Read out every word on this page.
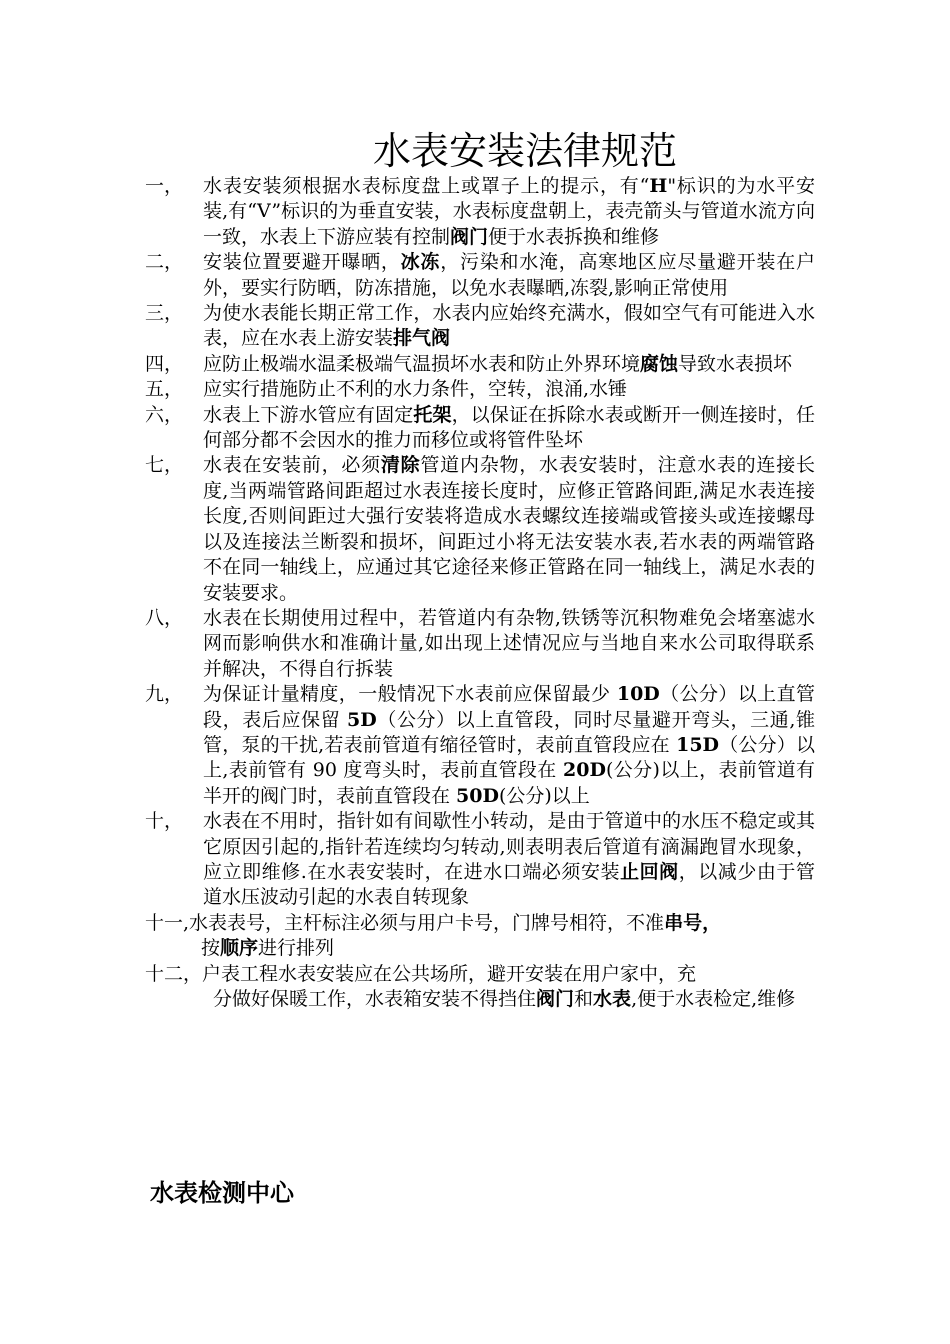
水表安装法律规范
一，	水表安装须根据水表标度盘上或罩子上的提示，有“H"标识的为水平安装,有“V”标识的为垂直安装，水表标度盘朝上，表壳箭头与管道水流方向一致，水表上下游应装有控制阀门便于水表拆换和维修
二，	安装位置要避开曝晒，冰冻，污染和水淹，高寒地区应尽量避开装在户外，要实行防晒，防冻措施，以免水表曝晒,冻裂,影响正常使用
三，	为使水表能长期正常工作，水表内应始终充满水，假如空气有可能进入水表，应在水表上游安装排气阀
四，	应防止极端水温柔极端气温损坏水表和防止外界环境腐蚀导致水表损坏
五，	应实行措施防止不利的水力条件，空转，浪涌,水锤
六，	水表上下游水管应有固定托架，以保证在拆除水表或断开一侧连接时，任何部分都不会因水的推力而移位或将管件坠坏
七，	水表在安装前，必须清除管道内杂物，水表安装时，注意水表的连接长度,当两端管路间距超过水表连接长度时，应修正管路间距,满足水表连接长度,否则间距过大强行安装将造成水表螺纹连接端或管接头或连接螺母以及连接法兰断裂和损坏，间距过小将无法安装水表,若水表的两端管路不在同一轴线上，应通过其它途径来修正管路在同一轴线上，满足水表的安装要求。
八，	水表在长期使用过程中，若管道内有杂物,铁锈等沉积物难免会堵塞滤水网而影响供水和准确计量,如出现上述情况应与当地自来水公司取得联系并解决，不得自行拆装
九，	为保证计量精度，一般情况下水表前应保留最少 10D（公分）以上直管段，表后应保留 5D（公分）以上直管段，同时尽量避开弯头，三通,锥管，泵的干扰,若表前管道有缩径管时，表前直管段应在 15D（公分）以上,表前管有 90 度弯头时，表前直管段在 20D(公分)以上，表前管道有半开的阀门时，表前直管段在 50D(公分)以上
十，	水表在不用时，指针如有间歇性小转动，是由于管道中的水压不稳定或其它原因引起的,指针若连续均匀转动,则表明表后管道有滴漏跑冒水现象，应立即维修.在水表安装时，在进水口端必须安装止回阀，以减少由于管道水压波动引起的水表自转现象
十一,水表表号，主杆标注必须与用户卡号，门牌号相符，不准串号，
按顺序进行排列
十二，户表工程水表安装应在公共场所，避开安装在用户家中，充
分做好保暖工作，水表箱安装不得挡住阀门和水表,便于水表检定,维修
水表检测中心
